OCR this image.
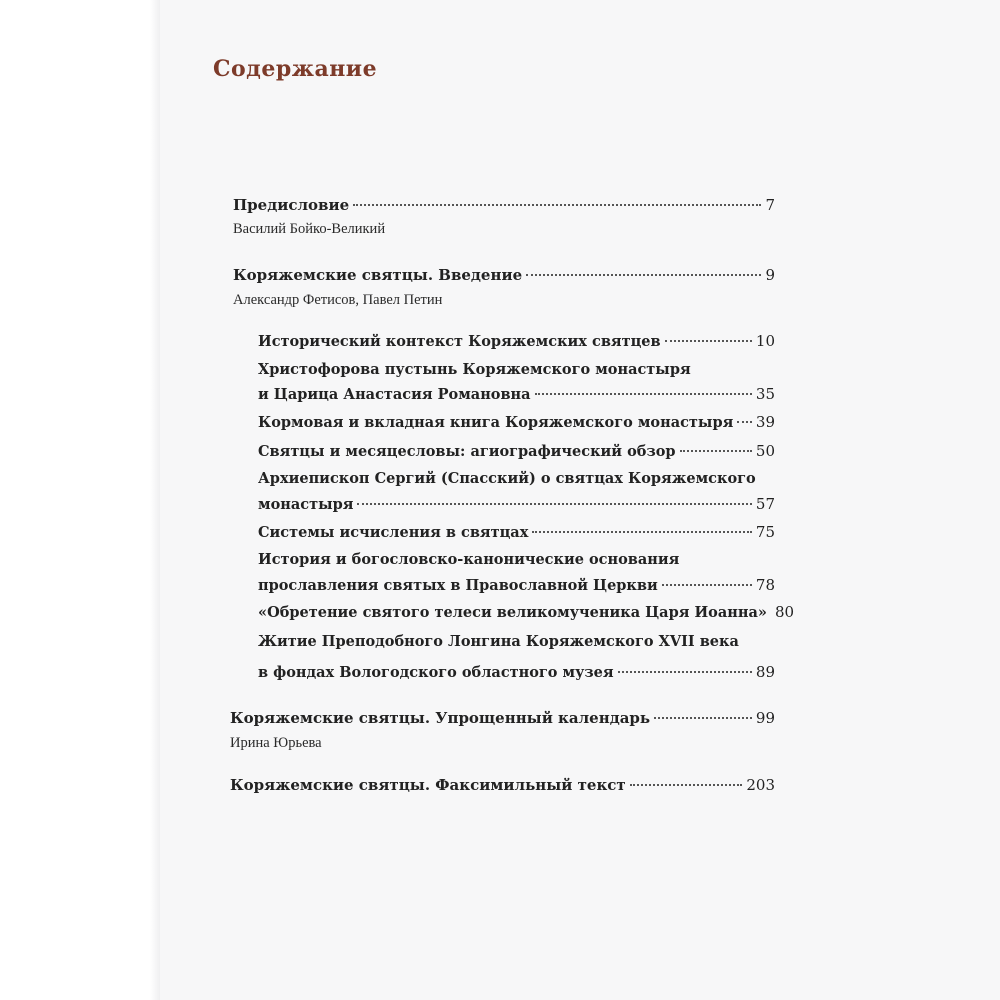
Содержание
Предисловие	7
Василий Бойко-Великий
Коряжемские святцы. Введение	9
Александр Фетисов, Павел Петин
Исторический контекст Коряжемских святцев	10
Христофорова пустынь Коряжемского монастыря
и Царица Анастасия Романовна	35
Кормовая и вкладная книга Коряжемского монастыря 39
Святцы и месяцесловы: агиографический обзор	50
Архиепископ Сергий (Спасский) о святцах Коряжемского
монастыря	57
Системы исчисления в святцах	75
История и богословско-канонические основания
прославления святых в Православной Церкви	78
«Обретение святого телеси великомученика Царя Иоанна» 80
Житие Преподобного Лонгина Коряжемского XVII века
в фондах Вологодского областного музея	89
Коряжемские святцы. Упрощенный календарь	99
Ирина Юрьева
Коряжемские святцы. Факсимильный текст	203
